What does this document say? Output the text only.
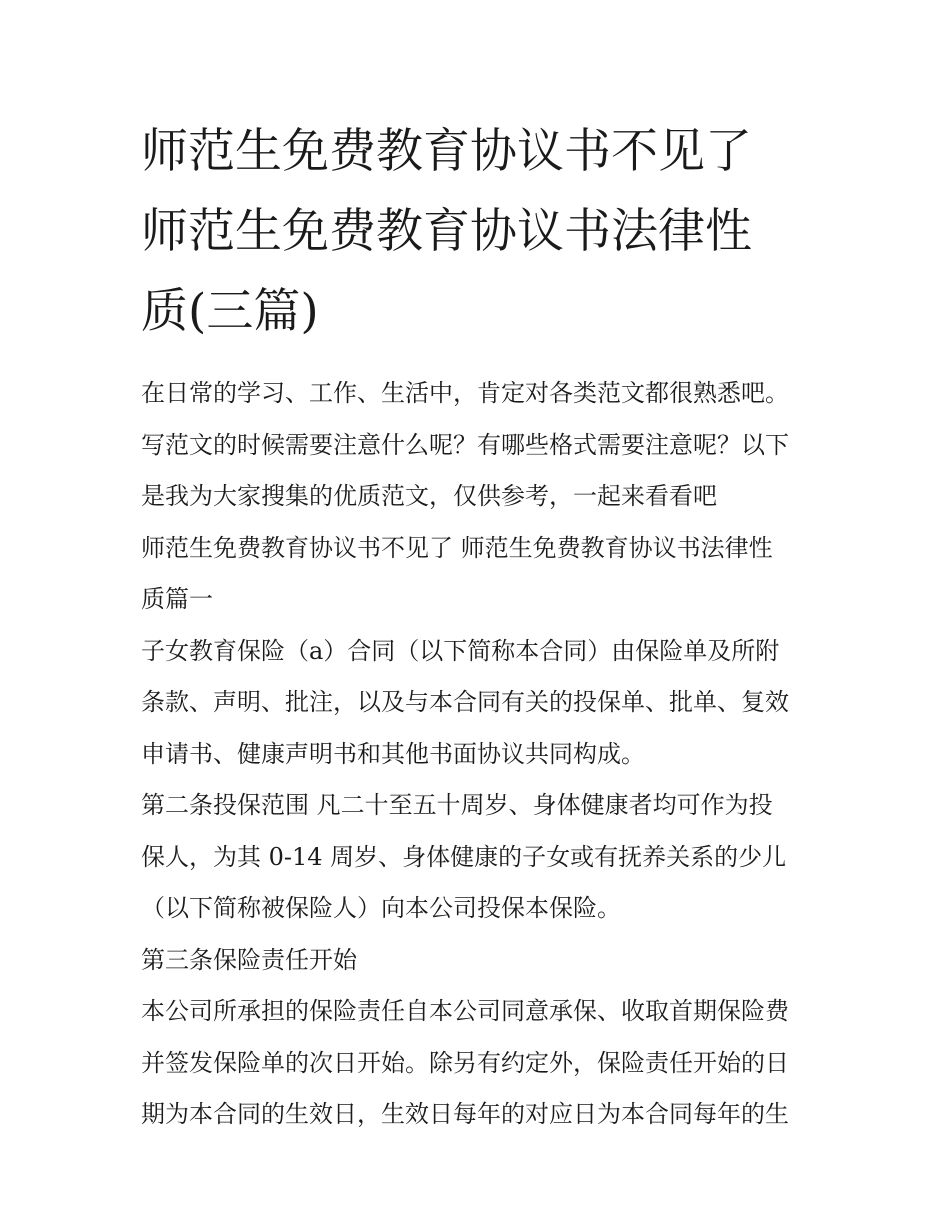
师范生免费教育协议书不见了
师范生免费教育协议书法律性
质(三篇)

在日常的学习、工作、生活中，肯定对各类范文都很熟悉吧。

写范文的时候需要注意什么呢？有哪些格式需要注意呢？以下

是我为大家搜集的优质范文，仅供参考，一起来看看吧

师范生免费教育协议书不见了 师范生免费教育协议书法律性

质篇一

子女教育保险（a）合同（以下简称本合同）由保险单及所附

条款、声明、批注，以及与本合同有关的投保单、批单、复效

申请书、健康声明书和其他书面协议共同构成。

第二条投保范围 凡二十至五十周岁、身体健康者均可作为投

保人，为其 0-14 周岁、身体健康的子女或有抚养关系的少儿

（以下简称被保险人）向本公司投保本保险。

第三条保险责任开始

本公司所承担的保险责任自本公司同意承保、收取首期保险费

并签发保险单的次日开始。除另有约定外，保险责任开始的日

期为本合同的生效日，生效日每年的对应日为本合同每年的生
